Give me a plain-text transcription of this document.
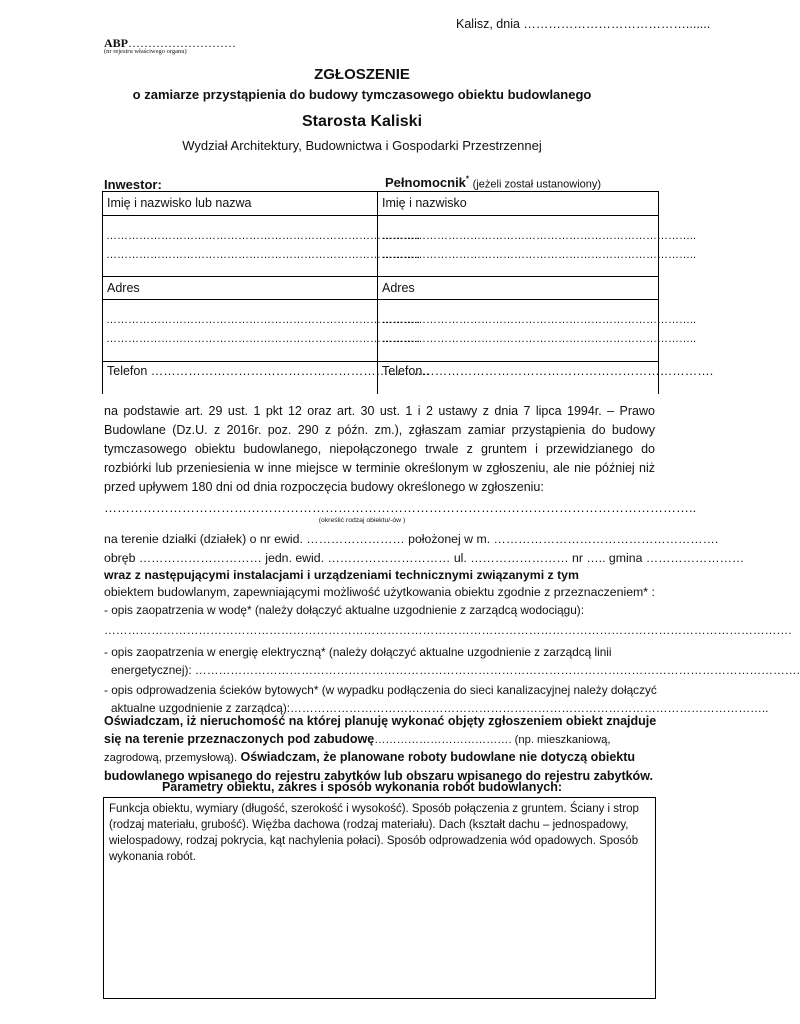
Kalisz, dnia ………………………………….......
ABP………………………
(nr rejestru właściwego organu)
ZGŁOSZENIE
o zamiarze przystąpienia do budowy tymczasowego obiektu budowlanego
Starosta Kaliski
Wydział Architektury, Budownictwa i Gospodarki Przestrzennej
Inwestor:	Pełnomocnik* (jeżeli został ustanowiony)
Imię i nazwisko lub nazwa
…………………………………………………………………………..
…………………………………………………………………………..
Adres
…………………………………………………………………………..
…………………………………………………………………………..
Telefon ………………………………………………………….
Imię i nazwisko
…………………………………………………………………………..
…………………………………………………………………………..
Adres
…………………………………………………………………………..
…………………………………………………………………………..
Telefon…………………………………………………………….
na podstawie art. 29 ust. 1 pkt 12 oraz art. 30 ust. 1 i 2 ustawy z dnia 7 lipca 1994r. – Prawo Budowlane (Dz.U. z 2016r. poz. 290 z późn. zm.), zgłaszam zamiar przystąpienia do budowy tymczasowego obiektu budowlanego, niepołączonego trwale z gruntem i przewidzianego do rozbiórki lub przeniesienia w inne miejsce w terminie określonym w zgłoszeniu, ale nie później niż przed upływem 180 dni od dnia rozpoczęcia budowy określonego w zgłoszeniu:
………………………………………………………………………………………………………………………..
(określić rodzaj obiektu/-ów )
na terenie działki (działek) o nr ewid. …………………… położonej w m. ……………………………………………….
obręb ………………………… jedn. ewid. ………………………… ul. …………………… nr ….. gmina ……………………
wraz z następującymi instalacjami i urządzeniami technicznymi związanymi z tym
obiektem budowlanym, zapewniającymi możliwość użytkowania obiektu zgodnie z przeznaczeniem* :
- opis zaopatrzenia w wodę* (należy dołączyć aktualne uzgodnienie z zarządcą wodociągu):
………………………………………………………………………………………………………………………………………………………….
- opis zaopatrzenia w energię elektryczną* (należy dołączyć aktualne uzgodnienie z zarządcą linii
energetycznej): ……………………………………………………………………………………………………………………………………….
- opis odprowadzenia ścieków bytowych* (w wypadku podłączenia do sieci kanalizacyjnej należy dołączyć
aktualne uzgodnienie z zarządcą):…………………………………………………………………………………………………………..
Oświadczam, iż nieruchomość na której planuję wykonać objęty zgłoszeniem obiekt znajduje się na terenie przeznaczonych pod zabudowę………………………………. (np. mieszkaniową, zagrodową, przemysłową). Oświadczam, że planowane roboty budowlane nie dotyczą obiektu budowlanego wpisanego do rejestru zabytków lub obszaru wpisanego do rejestru zabytków.
Parametry obiektu, zakres i sposób wykonania robót budowlanych:
Funkcja obiektu, wymiary (długość, szerokość i wysokość). Sposób połączenia z gruntem. Ściany i strop (rodzaj materiału, grubość). Więźba dachowa (rodzaj materiału). Dach (kształt dachu – jednospadowy, wielospadowy, rodzaj pokrycia, kąt nachylenia połaci). Sposób odprowadzenia wód opadowych. Sposób wykonania robót.
